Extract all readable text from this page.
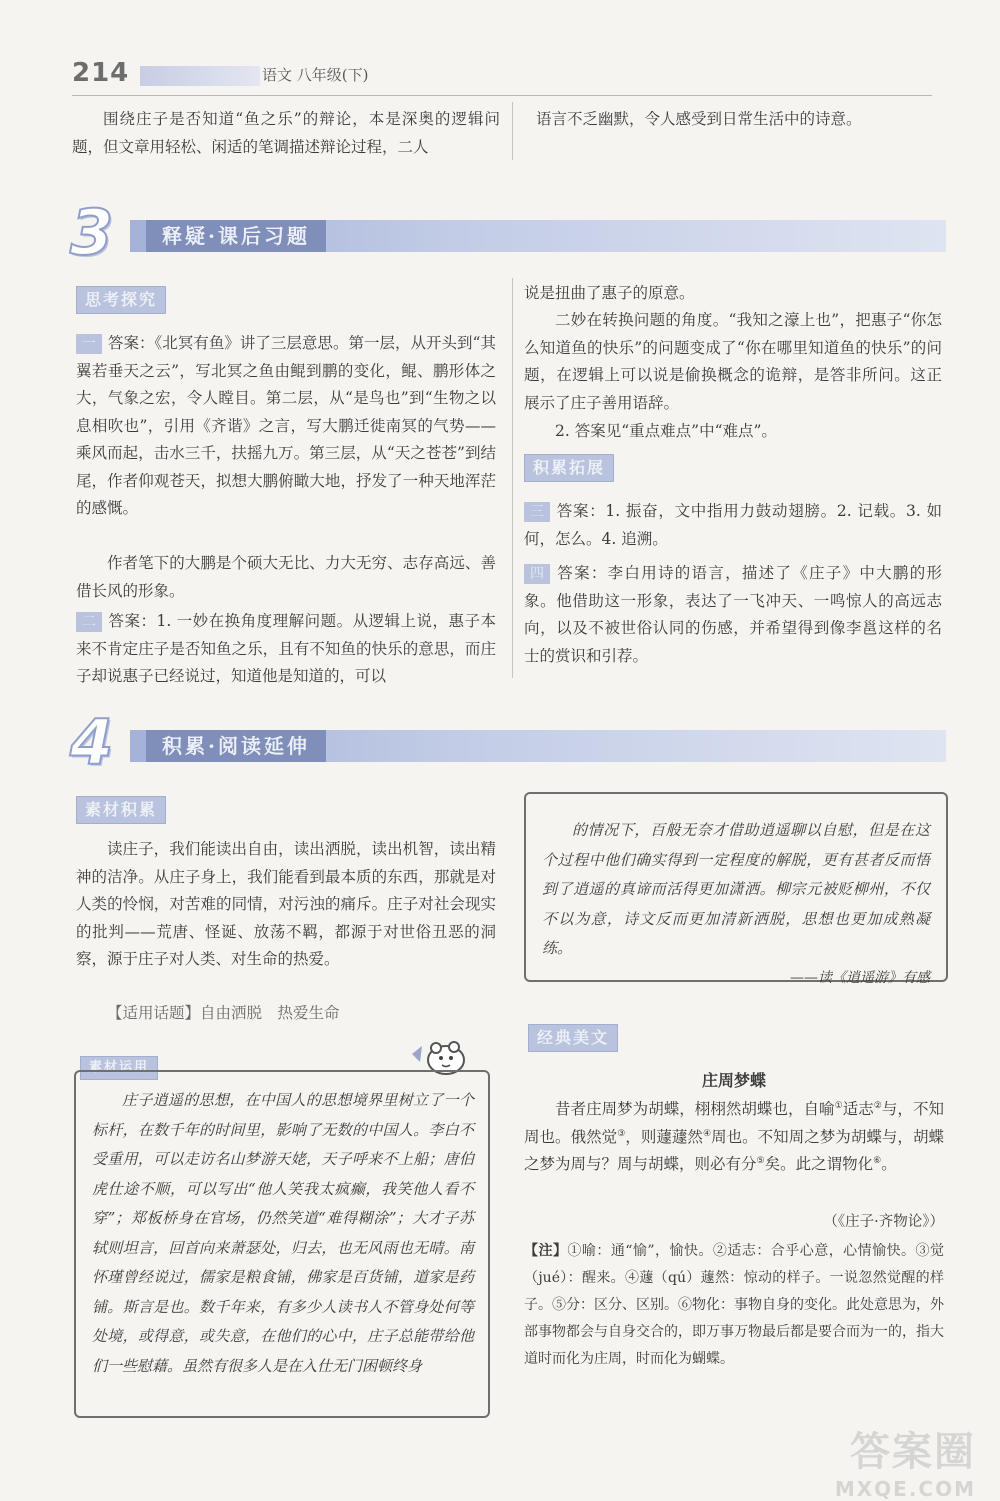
214	语文 八年级(下)

围绕庄子是否知道“鱼之乐”的辩论，本是深奥的逻辑问题，但文章用轻松、闲适的笔调描述辩论过程，二人

语言不乏幽默，令人感受到日常生活中的诗意。

3	释疑·课后习题
思考探究

一 答案：《北冥有鱼》讲了三层意思。第一层，从开头到“其翼若垂天之云”，写北冥之鱼由鲲到鹏的变化，鲲、鹏形体之大，气象之宏，令人瞠目。第二层，从“是鸟也”到“生物之以息相吹也”，引用《齐谐》之言，写大鹏迁徙南冥的气势——乘风而起，击水三千，扶摇九万。第三层，从“天之苍苍”到结尾，作者仰观苍天，拟想大鹏俯瞰大地，抒发了一种天地浑茫的感慨。

作者笔下的大鹏是个硕大无比、力大无穷、志存高远、善借长风的形象。

二 答案：1. 一妙在换角度理解问题。从逻辑上说，惠子本来不肯定庄子是否知鱼之乐，且有不知鱼的快乐的意思，而庄子却说惠子已经说过，知道他是知道的，可以

说是扭曲了惠子的原意。

二妙在转换问题的角度。“我知之濠上也”，把惠子“你怎么知道鱼的快乐”的问题变成了“你在哪里知道鱼的快乐”的问题，在逻辑上可以说是偷换概念的诡辩，是答非所问。这正展示了庄子善用语辞。

2. 答案见“重点难点”中“难点”。

积累拓展

三 答案：1. 振奋，文中指用力鼓动翅膀。2. 记载。3. 如何，怎么。4. 追溯。

四 答案：李白用诗的语言，描述了《庄子》中大鹏的形象。他借助这一形象，表达了一飞冲天、一鸣惊人的高远志向，以及不被世俗认同的伤感，并希望得到像李邕这样的名士的赏识和引荐。

4	积累·阅读延伸
素材积累

读庄子，我们能读出自由，读出洒脱，读出机智，读出精神的洁净。从庄子身上，我们能看到最本质的东西，那就是对人类的怜悯，对苦难的同情，对污浊的痛斥。庄子对社会现实的批判——荒唐、怪诞、放荡不羁，都源于对世俗丑恶的洞察，源于庄子对人类、对生命的热爱。

【适用话题】自由洒脱　热爱生命

素材运用

庄子逍遥的思想，在中国人的思想境界里树立了一个标杆，在数千年的时间里，影响了无数的中国人。李白不受重用，可以走访名山梦游天姥，天子呼来不上船；唐伯虎仕途不顺，可以写出“他人笑我太疯癫，我笑他人看不穿”；郑板桥身在官场，仍然笑道“难得糊涂”；大才子苏轼则坦言，回首向来萧瑟处，归去，也无风雨也无晴。南怀瑾曾经说过，儒家是粮食铺，佛家是百货铺，道家是药铺。斯言是也。数千年来，有多少人读书人不管身处何等处境，或得意，或失意，在他们的心中，庄子总能带给他们一些慰藉。虽然有很多人是在入仕无门困顿终身

的情况下，百般无奈才借助逍遥聊以自慰，但是在这个过程中他们确实得到一定程度的解脱，更有甚者反而悟到了逍遥的真谛而活得更加潇洒。柳宗元被贬柳州，不仅不以为意，诗文反而更加清新洒脱，思想也更加成熟凝练。

——读《逍遥游》有感

经典美文
庄周梦蝶

昔者庄周梦为胡蝶，栩栩然胡蝶也，自喻①适志②与，不知周也。俄然觉③，则蘧蘧然④周也。不知周之梦为胡蝶与，胡蝶之梦为周与？周与胡蝶，则必有分⑤矣。此之谓物化⑥。

（《庄子·齐物论》）

【注】①喻：通“愉”，愉快。②适志：合乎心意，心情愉快。③觉（jué）：醒来。④蘧（qú）蘧然：惊动的样子。一说忽然觉醒的样子。⑤分：区分、区别。⑥物化：事物自身的变化。此处意思为，外部事物都会与自身交合的，即万事万物最后都是要合而为一的，指大道时而化为庄周，时而化为蝴蝶。

答案圈
MXQE.COM
